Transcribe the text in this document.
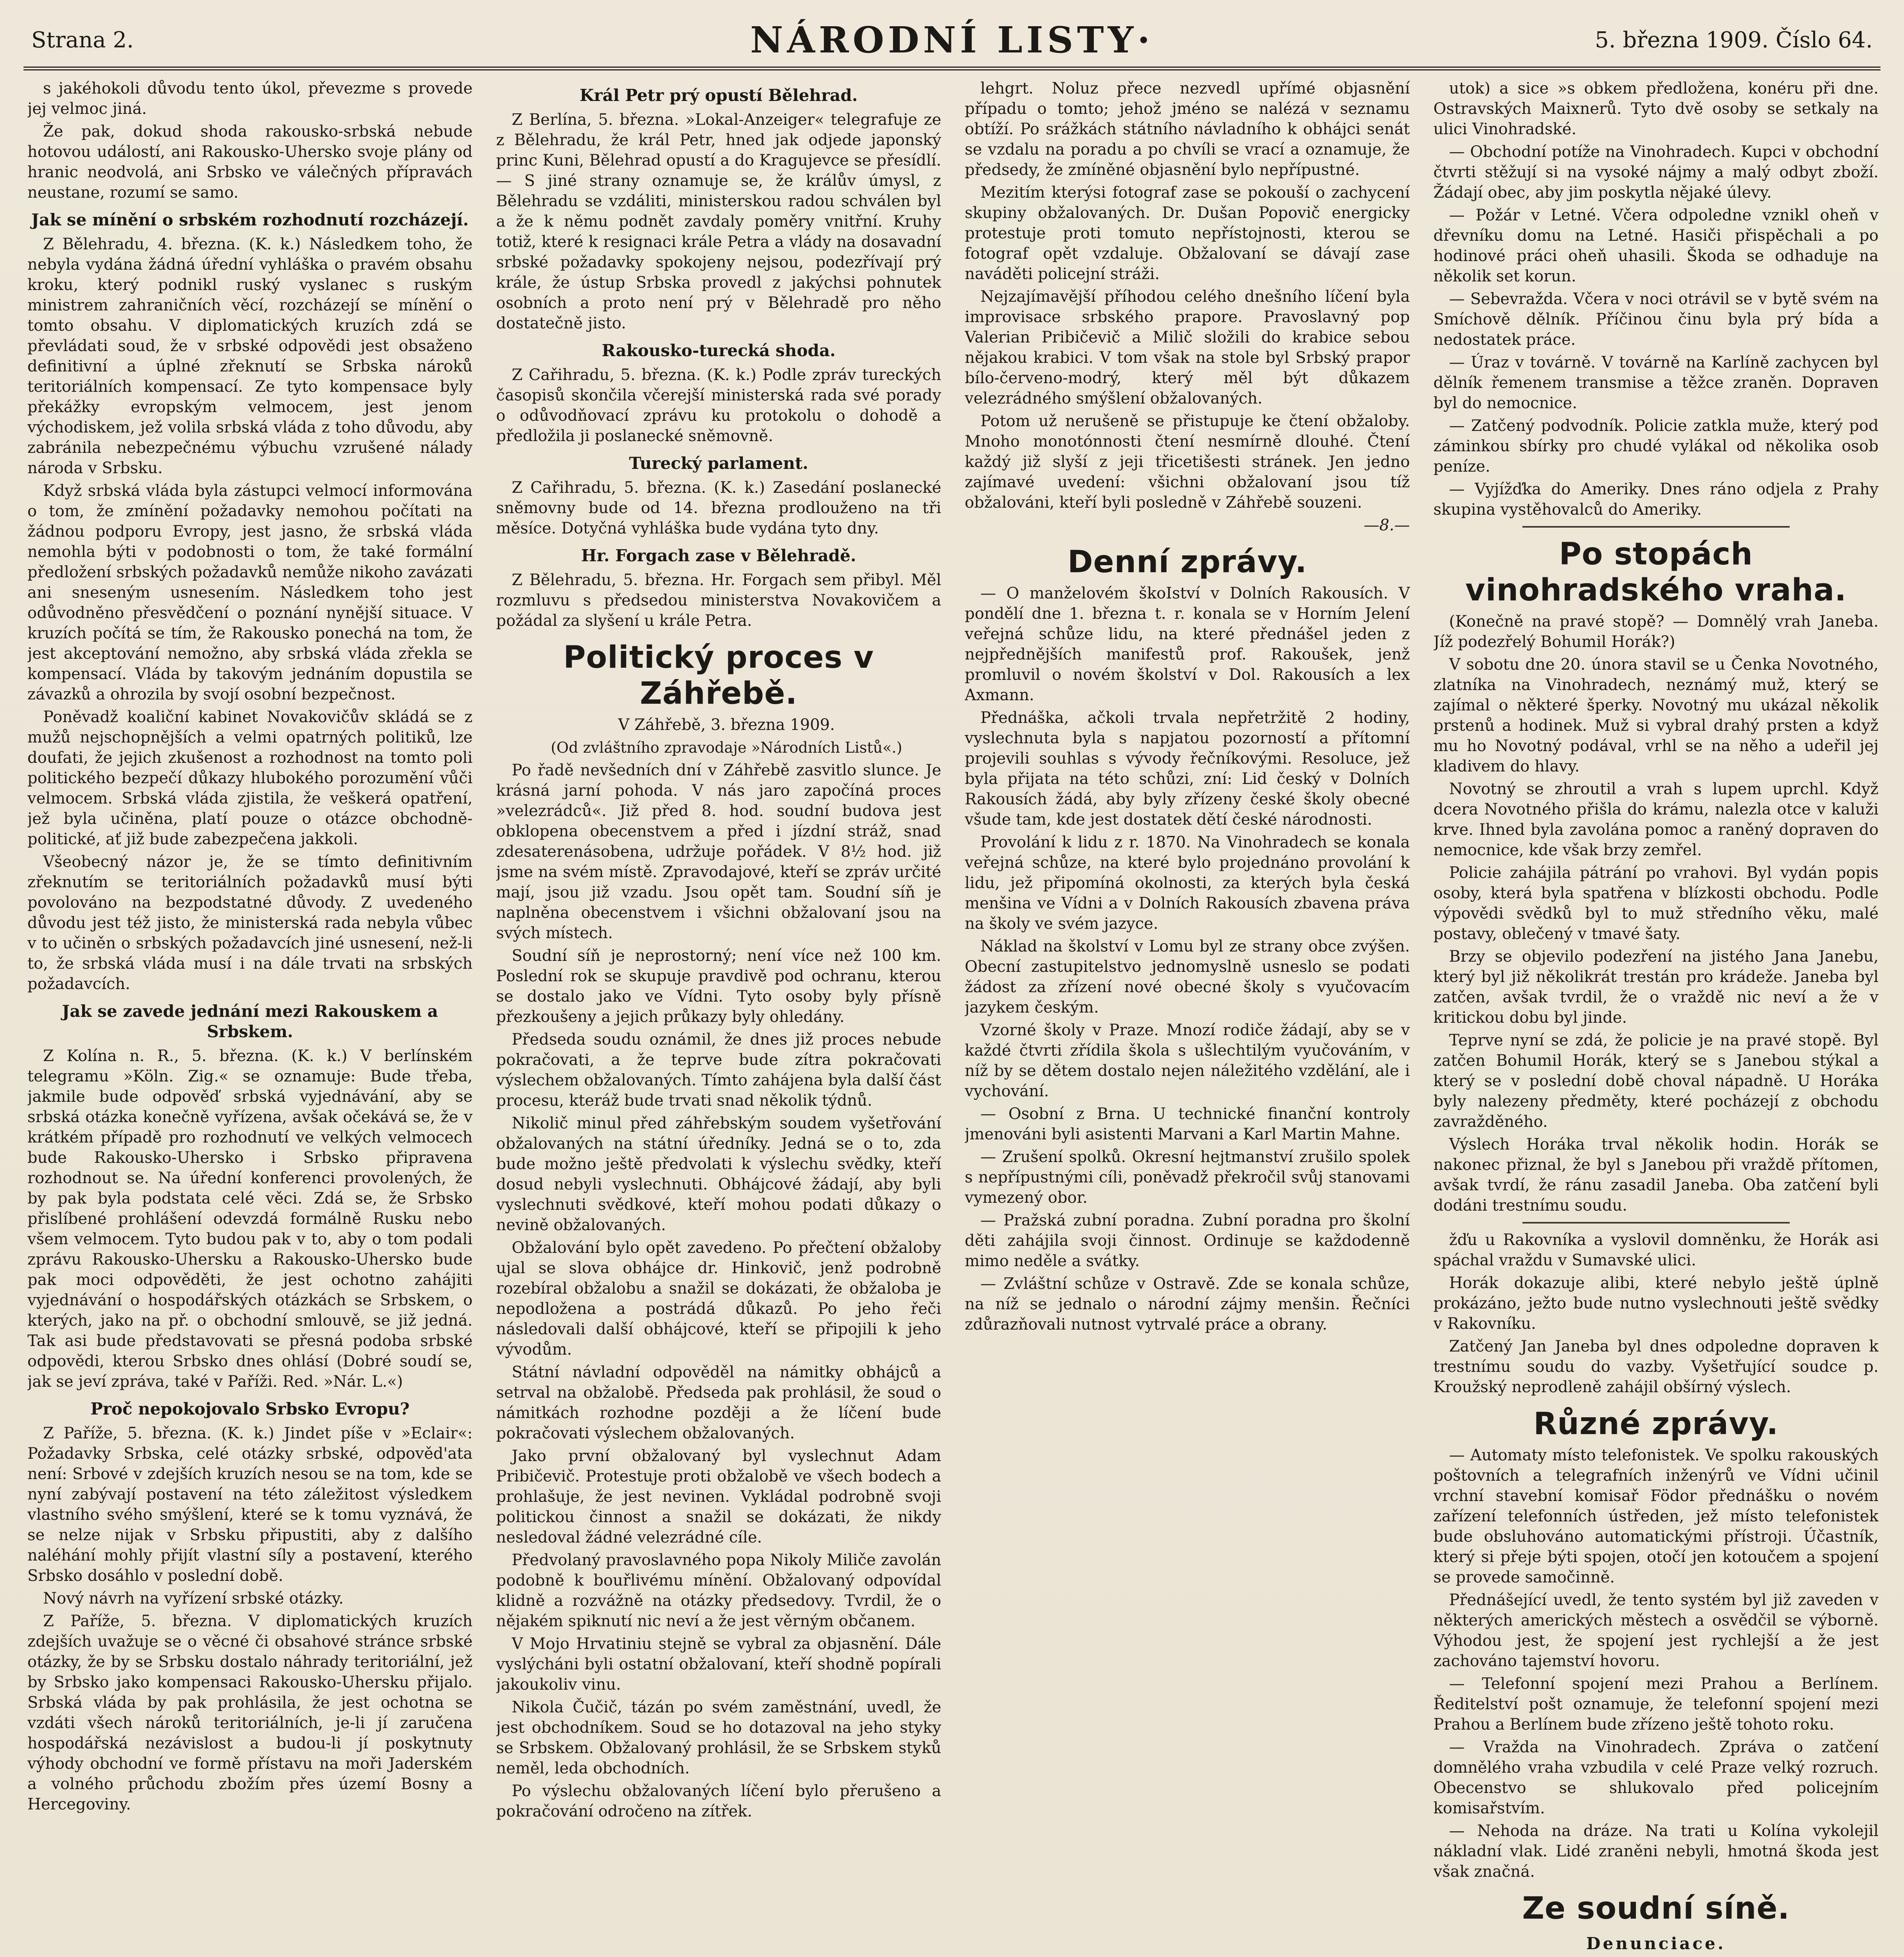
Strana 2.	NÁRODNÍ LISTY·	5. března 1909. Číslo 64.

s jakéhokoli důvodu tento úkol, převezme s provede jej velmoc jiná.

Že pak, dokud shoda rakousko-srbská nebude hotovou událostí, ani Rakousko-Uhersko svoje plány od hranic neodvolá, ani Srbsko ve válečných přípravách neustane, rozumí se samo.

Jak se mínění o srbském rozhodnutí rozcházejí.

Z Bělehradu, 4. března. (K. k.) Následkem toho, že nebyla vydána žádná úřední vyhláška o pravém obsahu kroku, který podnikl ruský vyslanec s ruským ministrem zahraničních věcí, rozcházejí se mínění o tomto obsahu. V diplomatických kruzích zdá se převládati soud, že v srbské odpovědi jest obsaženo definitivní a úplné zřeknutí se Srbska nároků teritoriálních kompensací. Ze tyto kompensace byly překážky evropským velmocem, jest jenom východiskem, jež volila srbská vláda z toho důvodu, aby zabránila nebezpečnému výbuchu vzrušené nálady národa v Srbsku.

Když srbská vláda byla zástupci velmocí informována o tom, že zmínění požadavky nemohou počítati na žádnou podporu Evropy, jest jasno, že srbská vláda nemohla býti v podobnosti o tom, že také formální předložení srbských požadavků nemůže nikoho zavázati ani sneseným usnesením. Následkem toho jest odůvodněno přesvědčení o poznání nynější situace. V kruzích počítá se tím, že Rakousko ponechá na tom, že jest akceptování nemožno, aby srbská vláda zřekla se kompensací. Vláda by takovým jednáním dopustila se závazků a ohrozila by svojí osobní bezpečnost.

Poněvadž koaliční kabinet Novakovičův skládá se z mužů nejschopnějších a velmi opatrných politiků, lze doufati, že jejich zkušenost a rozhodnost na tomto poli politického bezpečí důkazy hlubokého porozumění vůči velmocem. Srbská vláda zjistila, že veškerá opatření, jež byla učiněna, platí pouze o otázce obchodně-politické, ať již bude zabezpečena jakkoli.

Všeobecný názor je, že se tímto definitivním zřeknutím se teritoriálních požadavků musí býti povolováno na bezpodstatné důvody. Z uvedeného důvodu jest též jisto, že ministerská rada nebyla vůbec v to učiněn o srbských požadavcích jiné usnesení, než-li to, že srbská vláda musí i na dále trvati na srbských požadavcích.

Jak se zavede jednání mezi Rakouskem a Srbskem.

Z Kolína n. R., 5. března. (K. k.) V berlínském telegramu »Köln. Zig.« se oznamuje: Bude třeba, jakmile bude odpověď srbská vyjednávání, aby se srbská otázka konečně vyřízena, avšak očekává se, že v krátkém případě pro rozhodnutí ve velkých velmocech bude Rakousko-Uhersko i Srbsko připravena rozhodnout se. Na úřední konferenci provolených, že by pak byla podstata celé věci. Zdá se, že Srbsko přislíbené prohlášení odevzdá formálně Rusku nebo všem velmocem. Tyto budou pak v to, aby o tom podali zprávu Rakousko-Uhersku a Rakousko-Uhersko bude pak moci odpověděti, že jest ochotno zahájiti vyjednávání o hospodářských otázkách se Srbskem, o kterých, jako na př. o obchodní smlouvě, se již jedná. Tak asi bude představovati se přesná podoba srbské odpovědi, kterou Srbsko dnes ohlásí (Dobré soudí se, jak se jeví zpráva, také v Paříži. Red. »Nár. L.«)

Proč nepokojovalo Srbsko Evropu?

Z Paříže, 5. března. (K. k.) Jindet píše v »Eclair«: Požadavky Srbska, celé otázky srbské, odpověd'ata není: Srbové v zdejších kruzích nesou se na tom, kde se nyní zabývají postavení na této záležitost výsledkem vlastního svého smýšlení, které se k tomu vyznává, že se nelze nijak v Srbsku připustiti, aby z dalšího naléhání mohly přijít vlastní síly a postavení, kterého Srbsko dosáhlo v poslední době.

Nový návrh na vyřízení srbské otázky.

Z Paříže, 5. března. V diplomatických kruzích zdejších uvažuje se o věcné či obsahové stránce srbské otázky, že by se Srbsku dostalo náhrady teritoriální, jež by Srbsko jako kompensaci Rakousko-Uhersku přijalo. Srbská vláda by pak prohlásila, že jest ochotna se vzdáti všech nároků teritoriálních, je-li jí zaručena hospodářská nezávislost a budou-li jí poskytnuty výhody obchodní ve formě přístavu na moři Jaderském a volného průchodu zbožím přes území Bosny a Hercegoviny.

Král Petr prý opustí Bělehrad.

Z Berlína, 5. března. »Lokal-Anzeiger« telegrafuje ze z Bělehradu, že král Petr, hned jak odjede japonský princ Kuni, Bělehrad opustí a do Kragujevce se přesídlí. — S jiné strany oznamuje se, že králův úmysl, z Bělehradu se vzdáliti, ministerskou radou schválen byl a že k němu podnět zavdaly poměry vnitřní. Kruhy totiž, které k resignaci krále Petra a vlády na dosavadní srbské požadavky spokojeny nejsou, podezřívají prý krále, že ústup Srbska provedl z jakýchsi pohnutek osobních a proto není prý v Bělehradě pro něho dostatečně jisto.

Rakousko-turecká shoda.

Z Cařihradu, 5. března. (K. k.) Podle zpráv tureckých časopisů skončila včerejší ministerská rada své porady o odůvodňovací zprávu ku protokolu o dohodě a předložila ji poslanecké sněmovně.

Turecký parlament.

Z Cařihradu, 5. března. (K. k.) Zasedání poslanecké sněmovny bude od 14. března prodlouženo na tři měsíce. Dotyčná vyhláška bude vydána tyto dny.

Hr. Forgach zase v Bělehradě.

Z Bělehradu, 5. března. Hr. Forgach sem přibyl. Měl rozmluvu s předsedou ministerstva Novakovičem a požádal za slyšení u krále Petra.

Politický proces v Záhřebě.

V Záhřebě, 3. března 1909.

(Od zvláštního zpravodaje »Národních Listů«.)

Po řadě nevšedních dní v Záhřebě zasvitlo slunce. Je krásná jarní pohoda. V nás jaro započíná proces »velezrádců«. Již před 8. hod. soudní budova jest obklopena obecenstvem a před i jízdní stráž, snad zdesaterenásobena, udržuje pořádek. V 8½ hod. již jsme na svém místě. Zpravodajové, kteří se zpráv určité mají, jsou již vzadu. Jsou opět tam. Soudní síň je naplněna obecenstvem i všichni obžalovaní jsou na svých místech.

Soudní síň je neprostorný; není více než 100 km. Poslední rok se skupuje pravdivě pod ochranu, kterou se dostalo jako ve Vídni. Tyto osoby byly přísně přezkoušeny a jejich průkazy byly ohledány.

Předseda soudu oznámil, že dnes již proces nebude pokračovati, a že teprve bude zítra pokračovati výslechem obžalovaných. Tímto zahájena byla další část procesu, kteráž bude trvati snad několik týdnů.

Nikolič minul před záhřebským soudem vyšetřování obžalovaných na státní úředníky. Jedná se o to, zda bude možno ještě předvolati k výslechu svědky, kteří dosud nebyli vyslechnuti. Obhájcové žádají, aby byli vyslechnuti svědkové, kteří mohou podati důkazy o nevině obžalovaných.

Obžalování bylo opět zavedeno. Po přečtení obžaloby ujal se slova obhájce dr. Hinkovič, jenž podrobně rozebíral obžalobu a snažil se dokázati, že obžaloba je nepodložena a postrádá důkazů. Po jeho řeči následovali další obhájcové, kteří se připojili k jeho vývodům.

Státní návladní odpověděl na námitky obhájců a setrval na obžalobě. Předseda pak prohlásil, že soud o námitkách rozhodne později a že líčení bude pokračovati výslechem obžalovaných.

Jako první obžalovaný byl vyslechnut Adam Pribičevič. Protestuje proti obžalobě ve všech bodech a prohlašuje, že jest nevinen. Vykládal podrobně svoji politickou činnost a snažil se dokázati, že nikdy nesledoval žádné velezrádné cíle.

Předvolaný pravoslavného popa Nikoly Miliče zavolán podobně k bouřlivému mínění. Obžalovaný odpovídal klidně a rozvážně na otázky předsedovy. Tvrdil, že o nějakém spiknutí nic neví a že jest věrným občanem.

V Mojo Hrvatiniu stejně se vybral za objasnění. Dále vyslýcháni byli ostatní obžalovaní, kteří shodně popírali jakoukoliv vinu.

Nikola Čučič, tázán po svém zaměstnání, uvedl, že jest obchodníkem. Soud se ho dotazoval na jeho styky se Srbskem. Obžalovaný prohlásil, že se Srbskem styků neměl, leda obchodních.

Po výslechu obžalovaných líčení bylo přerušeno a pokračování odročeno na zítřek.

lehgrt. Noluz přece nezvedl upřímé objasnění případu o tomto; jehož jméno se nalézá v seznamu obtíží. Po srážkách státního návladního k obhájci senát se vzdalu na poradu a po chvíli se vrací a oznamuje, že předsedy, že zmíněné objasnění bylo nepřípustné.

Mezitím kterýsi fotograf zase se pokouší o zachycení skupiny obžalovaných. Dr. Dušan Popovič energicky protestuje proti tomuto nepřístojnosti, kterou se fotograf opět vzdaluje. Obžalovaní se dávají zase naváděti policejní stráži.

Nejzajímavější příhodou celého dnešního líčení byla improvisace srbského prapore. Pravoslavný pop Valerian Pribičevič a Milič složili do krabice sebou nějakou krabici. V tom však na stole byl Srbský prapor bílo-červeno-modrý, který měl být důkazem velezrádného smýšlení obžalovaných.

Potom už nerušeně se přistupuje ke čtení obžaloby. Mnoho monotónnosti čtení nesmírně dlouhé. Čtení každý již slyší z jeji třicetišesti stránek. Jen jedno zajímavé uvedení: všichni obžalovaní jsou tíž obžalováni, kteří byli posledně v Záhřebě souzeni.

—8.—

Denní zprávy.

— O manželovém škoIství v Dolních Rakousích. V pondělí dne 1. března t. r. konala se v Horním Jelení veřejná schůze lidu, na které přednášel jeden z nejpřednějších manifestů prof. Rakoušek, jenž promluvil o novém školství v Dol. Rakousích a lex Axmann.

Přednáška, ačkoli trvala nepřetržitě 2 hodiny, vyslechnuta byla s napjatou pozorností a přítomní projevili souhlas s vývody řečníkovými. Resoluce, jež byla přijata na této schůzi, zní: Lid český v Dolních Rakousích žádá, aby byly zřízeny české školy obecné všude tam, kde jest dostatek dětí české národnosti.

Provolání k lidu z r. 1870. Na Vinohradech se konala veřejná schůze, na které bylo projednáno provolání k lidu, jež připomíná okolnosti, za kterých byla česká menšina ve Vídni a v Dolních Rakousích zbavena práva na školy ve svém jazyce.

Náklad na školství v Lomu byl ze strany obce zvýšen. Obecní zastupitelstvo jednomyslně usneslo se podati žádost za zřízení nové obecné školy s vyučovacím jazykem českým.

Vzorné školy v Praze. Mnozí rodiče žádají, aby se v každé čtvrti zřídila škola s ušlechtilým vyučováním, v níž by se dětem dostalo nejen náležitého vzdělání, ale i vychování.

— Osobní z Brna. U technické finanční kontroly jmenováni byli asistenti Marvani a Karl Martin Mahne.

— Zrušení spolků. Okresní hejtmanství zrušilo spolek s nepřípustnými cíli, poněvadž překročil svůj stanovami vymezený obor.

— Pražská zubní poradna. Zubní poradna pro školní děti zahájila svoji činnost. Ordinuje se každodenně mimo neděle a svátky.

— Zvláštní schůze v Ostravě. Zde se konala schůze, na níž se jednalo o národní zájmy menšin. Řečníci zdůrazňovali nutnost vytrvalé práce a obrany.

utok) a sice »s obkem předložena, konéru při dne. Ostravských Maixnerů. Tyto dvě osoby se setkaly na ulici Vinohradské.

— Obchodní potíže na Vinohradech. Kupci v obchodní čtvrti stěžují si na vysoké nájmy a malý odbyt zboží. Žádají obec, aby jim poskytla nějaké úlevy.

— Požár v Letné. Včera odpoledne vznikl oheň v dřevníku domu na Letné. Hasiči přispěchali a po hodinové práci oheň uhasili. Škoda se odhaduje na několik set korun.

— Sebevražda. Včera v noci otrávil se v bytě svém na Smíchově dělník. Příčinou činu byla prý bída a nedostatek práce.

— Úraz v továrně. V továrně na Karlíně zachycen byl dělník řemenem transmise a těžce zraněn. Dopraven byl do nemocnice.

— Zatčený podvodník. Policie zatkla muže, který pod záminkou sbírky pro chudé vylákal od několika osob peníze.

— Vyjížďka do Ameriky. Dnes ráno odjela z Prahy skupina vystěhovalců do Ameriky.

Po stopách vinohradského vraha.

(Konečně na pravé stopě? — Domnělý vrah Janeba. Jíž podezřelý Bohumil Horák?)

V sobotu dne 20. února stavil se u Čenka Novotného, zlatníka na Vinohradech, neznámý muž, který se zajímal o některé šperky. Novotný mu ukázal několik prstenů a hodinek. Muž si vybral drahý prsten a když mu ho Novotný podával, vrhl se na něho a udeřil jej kladivem do hlavy.

Novotný se zhroutil a vrah s lupem uprchl. Když dcera Novotného přišla do krámu, nalezla otce v kaluži krve. Ihned byla zavolána pomoc a raněný dopraven do nemocnice, kde však brzy zemřel.

Policie zahájila pátrání po vrahovi. Byl vydán popis osoby, která byla spatřena v blízkosti obchodu. Podle výpovědi svědků byl to muž středního věku, malé postavy, oblečený v tmavé šaty.

Brzy se objevilo podezření na jistého Jana Janebu, který byl již několikrát trestán pro krádeže. Janeba byl zatčen, avšak tvrdil, že o vraždě nic neví a že v kritickou dobu byl jinde.

Teprve nyní se zdá, že policie je na pravé stopě. Byl zatčen Bohumil Horák, který se s Janebou stýkal a který se v poslední době choval nápadně. U Horáka byly nalezeny předměty, které pocházejí z obchodu zavražděného.

Výslech Horáka trval několik hodin. Horák se nakonec přiznal, že byl s Janebou při vraždě přítomen, avšak tvrdí, že ránu zasadil Janeba. Oba zatčení byli dodáni trestnímu soudu.

žďu u Rakovníka a vyslovil domněnku, že Horák asi spáchal vraždu v Sumavské ulici.

Horák dokazuje alibi, které nebylo ještě úplně prokázáno, ježto bude nutno vyslechnouti ještě svědky v Rakovníku.

Zatčený Jan Janeba byl dnes odpoledne dopraven k trestnímu soudu do vazby. Vyšetřující soudce p. Kroužský neprodleně zahájil obšírný výslech.

Různé zprávy.

— Automaty místo telefonistek. Ve spolku rakouských poštovních a telegrafních inženýrů ve Vídni učinil vrchní stavební komisař Födor přednášku o novém zařízení telefonních ústředen, jež místo telefonistek bude obsluhováno automatickými přístroji. Účastník, který si přeje býti spojen, otočí jen kotoučem a spojení se provede samočinně.

Přednášející uvedl, že tento systém byl již zaveden v některých amerických městech a osvědčil se výborně. Výhodou jest, že spojení jest rychlejší a že jest zachováno tajemství hovoru.

— Telefonní spojení mezi Prahou a Berlínem. Ředitelství pošt oznamuje, že telefonní spojení mezi Prahou a Berlínem bude zřízeno ještě tohoto roku.

— Vražda na Vinohradech. Zpráva o zatčení domnělého vraha vzbudila v celé Praze velký rozruch. Obecenstvo se shlukovalo před policejním komisařstvím.

— Nehoda na dráze. Na trati u Kolína vykolejil nákladní vlak. Lidé zraněni nebyli, hmotná škoda jest však značná.

Ze soudní síně.

Denunciace.
